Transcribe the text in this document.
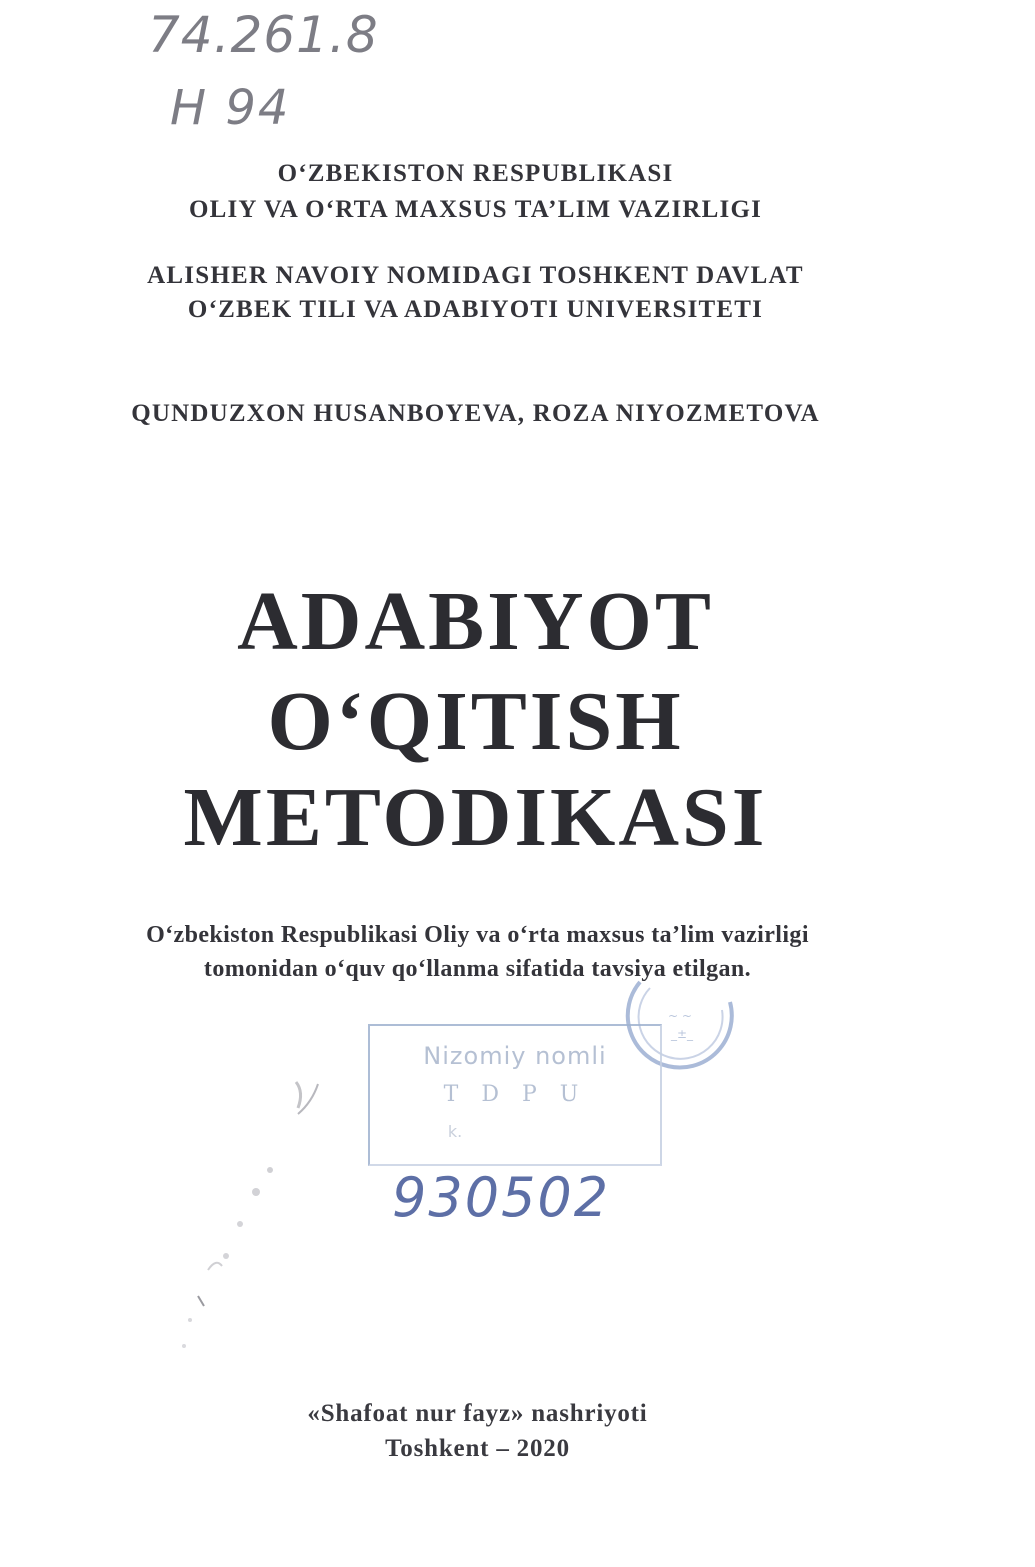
74.261.8
H 94
O‘ZBEKISTON RESPUBLIKASI
OLIY VA O‘RTA MAXSUS TA’LIM VAZIRLIGI
ALISHER NAVOIY NOMIDAGI TOSHKENT DAVLAT
O‘ZBEK TILI VA ADABIYOTI UNIVERSITETI
QUNDUZXON HUSANBOYEVA, ROZA NIYOZMETOVA
ADABIYOT
O‘QITISH
METODIKASI
O‘zbekiston Respublikasi Oliy va o‘rta maxsus ta’lim vazirligi
tomonidan o‘quv qo‘llanma sifatida tavsiya etilgan.
~ ~
_±_
Nizomiy nomli
T D P U
k.
930502
«Shafoat nur fayz» nashriyoti
Toshkent – 2020
